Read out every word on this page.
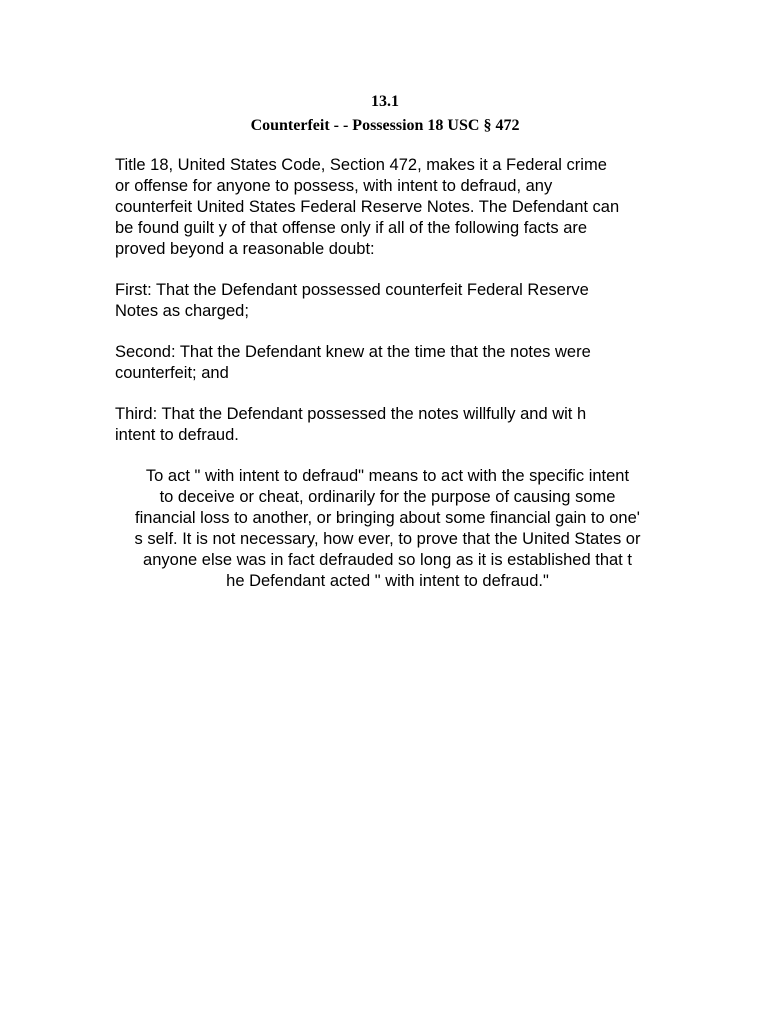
13.1

Counterfeit - - Possession 18 USC § 472

Title 18, United States Code, Section 472, makes it a Federal crime
or offense for anyone to possess, with intent to defraud, any
counterfeit United States Federal Reserve Notes. The Defendant can
be found guilt y of that offense only if all of the following facts are
proved beyond a reasonable doubt:

First: That the Defendant possessed counterfeit Federal Reserve
Notes as charged;

Second: That the Defendant knew at the time that the notes were
counterfeit; and

Third: That the Defendant possessed the notes willfully and wit h
intent to defraud.

To act " with intent to defraud" means to act with the specific intent
to deceive or cheat, ordinarily for the purpose of causing some
financial loss to another, or bringing about some financial gain to one'
s self. It is not necessary, how ever, to prove that the United States or
anyone else was in fact defrauded so long as it is established that t
he Defendant acted " with intent to defraud."
